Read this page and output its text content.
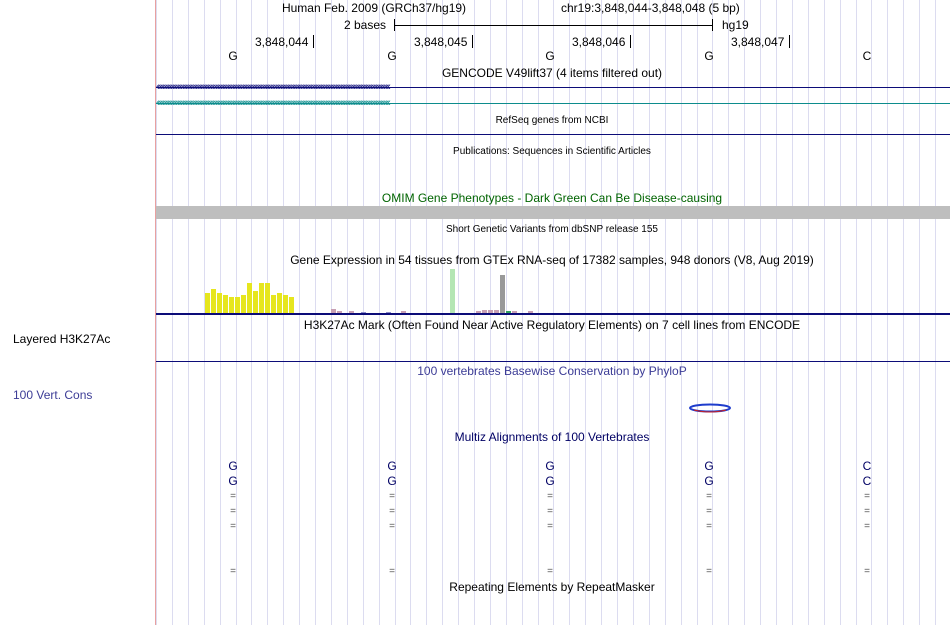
Layered H3K27Ac
100 Vert. Cons
Human Feb. 2009 (GRCh37/hg19)	chr19:3,848,044-3,848,048 (5 bp)
2 bases	hg19
3,848,044	3,848,045	3,848,046	3,848,047
G	G	G	G	C
GENCODE V49lift37 (4 items filtered out)
‹‹‹‹‹‹‹‹‹‹‹‹‹‹‹‹‹‹‹‹‹‹‹‹‹‹‹‹‹‹‹‹‹‹‹‹‹‹‹‹‹‹‹‹‹‹‹‹‹‹‹‹‹‹‹‹‹‹‹‹‹‹‹‹‹‹‹‹‹‹‹‹‹‹‹‹‹‹‹‹‹‹‹‹‹‹‹‹‹‹‹‹‹‹‹‹‹‹‹‹‹‹‹‹‹‹‹‹‹‹‹‹‹‹‹‹‹‹‹‹‹‹‹‹‹‹‹‹‹‹‹‹‹‹‹‹‹‹‹‹
‹‹‹‹‹‹‹‹‹‹‹‹‹‹‹‹‹‹‹‹‹‹‹‹‹‹‹‹‹‹‹‹‹‹‹‹‹‹‹‹‹‹‹‹‹‹‹‹‹‹‹‹‹‹‹‹‹‹‹‹‹‹‹‹‹‹‹‹‹‹‹‹‹‹‹‹‹‹‹‹‹‹‹‹‹‹‹‹‹‹‹‹‹‹‹‹‹‹‹‹‹‹‹‹‹‹‹‹‹‹‹‹‹‹‹‹‹‹‹‹‹‹‹‹‹‹‹‹‹‹‹‹‹‹‹‹‹‹‹‹
RefSeq genes from NCBI
Publications: Sequences in Scientific Articles
OMIM Gene Phenotypes - Dark Green Can Be Disease-causing
Short Genetic Variants from dbSNP release 155
Gene Expression in 54 tissues from GTEx RNA-seq of 17382 samples, 948 donors (V8, Aug 2019)
H3K27Ac Mark (Often Found Near Active Regulatory Elements) on 7 cell lines from ENCODE
100 vertebrates Basewise Conservation by PhyloP
Multiz Alignments of 100 Vertebrates
G	G	G	G	C
G	G	G	G	C
=	=	=	=	=
=	=	=	=	=
=	=	=	=	=
=	=	=	=	=
Repeating Elements by RepeatMasker
